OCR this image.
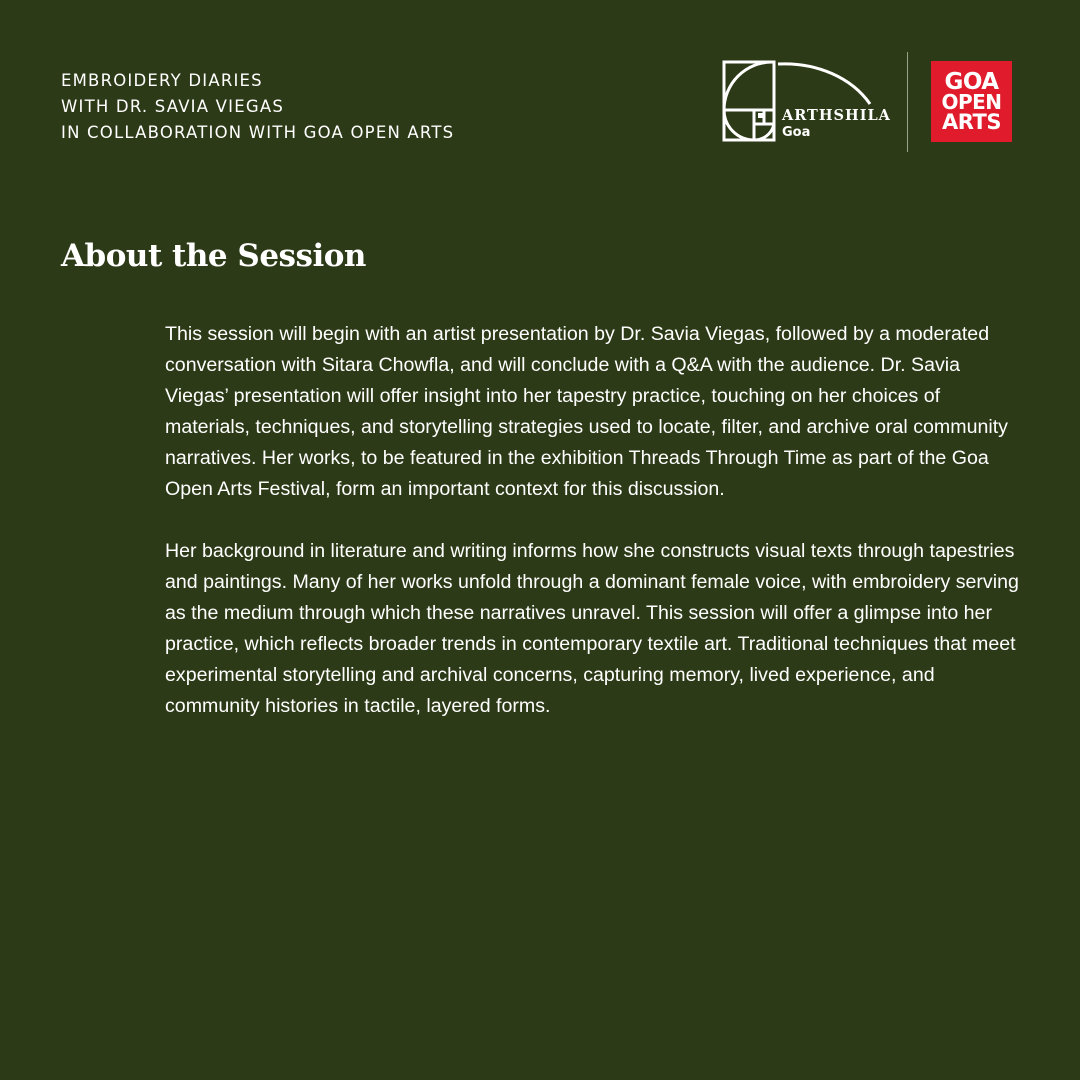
EMBROIDERY DIARIES
WITH DR. SAVIA VIEGAS
IN COLLABORATION WITH GOA OPEN ARTS
ARTHSHILA
Goa
GOA
OPEN
ARTS
About the Session

This session will begin with an artist presentation by Dr. Savia Viegas, followed by a moderated conversation with Sitara Chowfla, and will conclude with a Q&A with the audience. Dr. Savia Viegas’ presentation will offer insight into her tapestry practice, touching on her choices of materials, techniques, and storytelling strategies used to locate, filter, and archive oral community narratives. Her works, to be featured in the exhibition Threads Through Time as part of the Goa Open Arts Festival, form an important context for this discussion.

Her background in literature and writing informs how she constructs visual texts through tapestries and paintings. Many of her works unfold through a dominant female voice, with embroidery serving as the medium through which these narratives unravel. This session will offer a glimpse into her practice, which reflects broader trends in contemporary textile art. Traditional techniques that meet experimental storytelling and archival concerns, capturing memory, lived experience, and community histories in tactile, layered forms.
